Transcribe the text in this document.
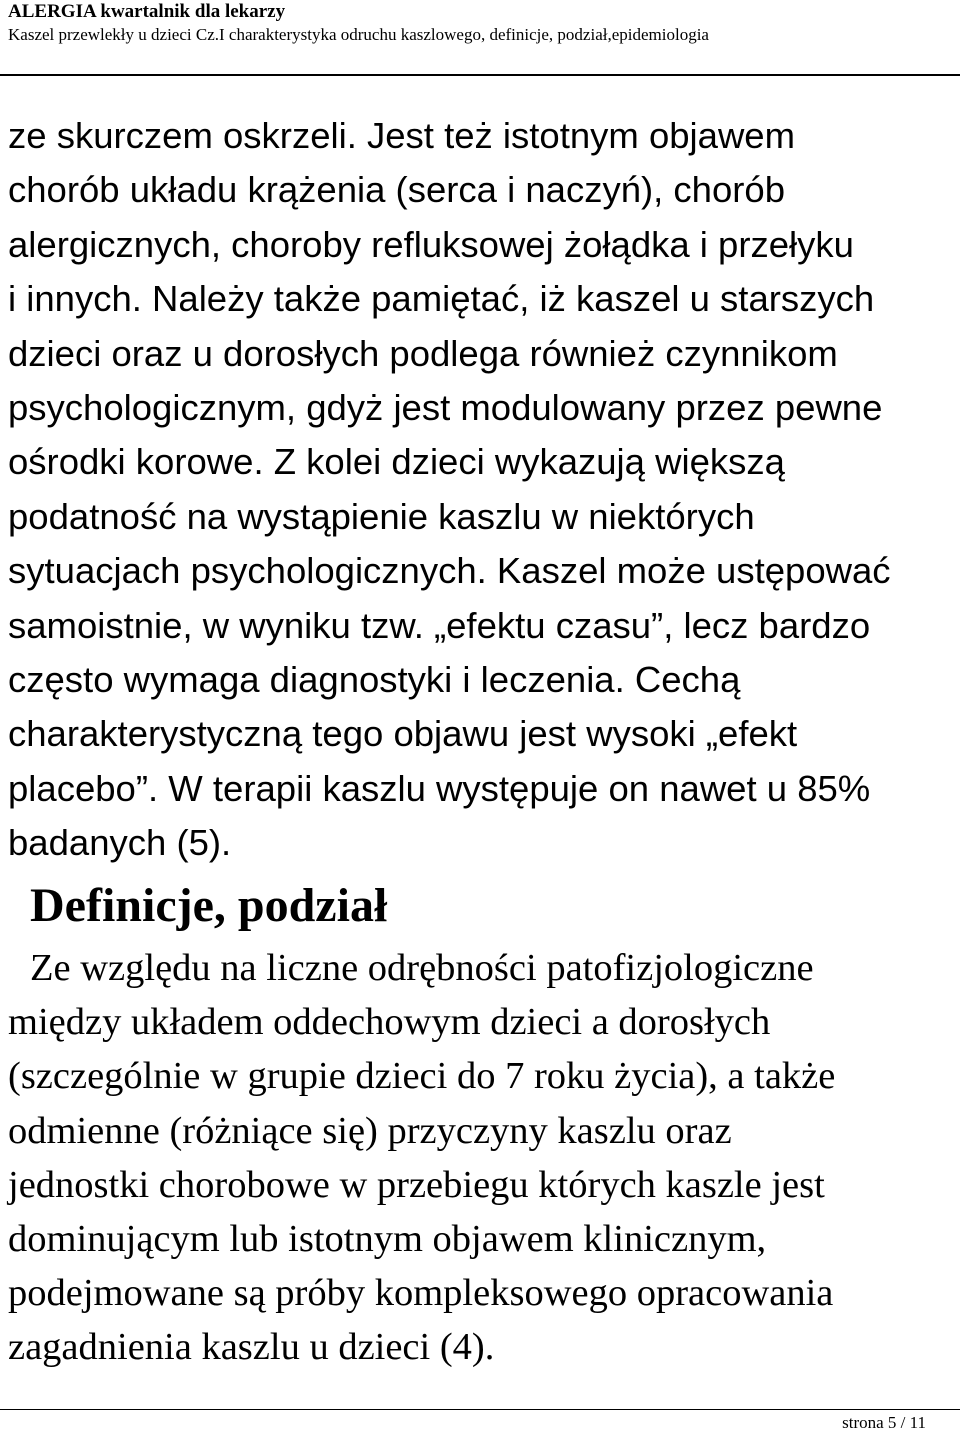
ALERGIA kwartalnik dla lekarzy
Kaszel przewlekły u dzieci Cz.I charakterystyka odruchu kaszlowego, definicje, podział,epidemiologia
ze skurczem oskrzeli. Jest też istotnym objawem
chorób układu krążenia (serca i naczyń), chorób
alergicznych, choroby refluksowej żołądka i przełyku
i innych. Należy także pamiętać, iż kaszel u starszych
dzieci oraz u dorosłych podlega również czynnikom
psychologicznym, gdyż jest modulowany przez pewne
ośrodki korowe. Z kolei dzieci wykazują większą
podatność na wystąpienie kaszlu w niektórych
sytuacjach psychologicznych. Kaszel może ustępować
samoistnie, w wyniku tzw. „efektu czasu”, lecz bardzo
często wymaga diagnostyki i leczenia. Cechą
charakterystyczną tego objawu jest wysoki „efekt
placebo”. W terapii kaszlu występuje on nawet u 85%
badanych (5).
Definicje, podział
Ze względu na liczne odrębności patofizjologiczne
między układem oddechowym dzieci a dorosłych
(szczególnie w grupie dzieci do 7 roku życia), a także
odmienne (różniące się) przyczyny kaszlu oraz
jednostki chorobowe w przebiegu których kaszle jest
dominującym lub istotnym objawem klinicznym,
podejmowane są próby kompleksowego opracowania
zagadnienia kaszlu u dzieci (4).
strona 5 / 11
